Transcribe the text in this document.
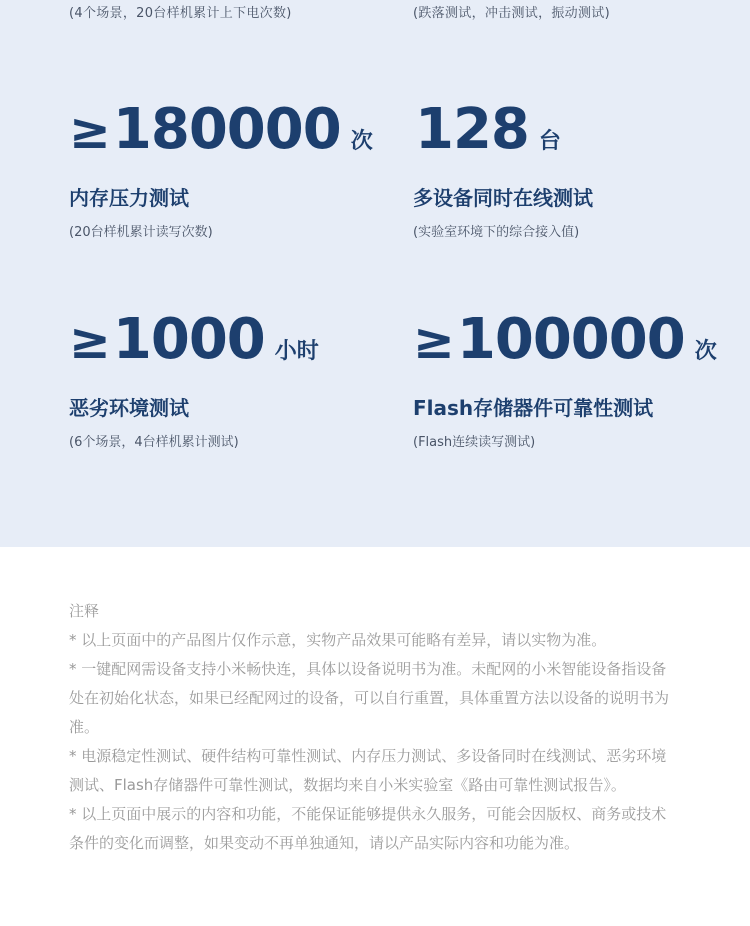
(4个场景，20台样机累计上下电次数)	(跌落测试，冲击测试，振动测试)
≥ 180000 次
内存压力测试
(20台样机累计读写次数)
128 台
多设备同时在线测试
(实验室环境下的综合接入值)
≥ 1000 小时
恶劣环境测试
(6个场景，4台样机累计测试)
≥ 100000 次
Flash存储器件可靠性测试
(Flash连续读写测试)

注释

* 以上页面中的产品图片仅作示意，实物产品效果可能略有差异，请以实物为准。

* 一键配网需设备支持小米畅快连，具体以设备说明书为准。未配网的小米智能设备指设备处在初始化状态，如果已经配网过的设备，可以自行重置，具体重置方法以设备的说明书为准。

* 电源稳定性测试、硬件结构可靠性测试、内存压力测试、多设备同时在线测试、恶劣环境测试、Flash存储器件可靠性测试，数据均来自小米实验室《路由可靠性测试报告》。

* 以上页面中展示的内容和功能，不能保证能够提供永久服务，可能会因版权、商务或技术条件的变化而调整，如果变动不再单独通知，请以产品实际内容和功能为准。
